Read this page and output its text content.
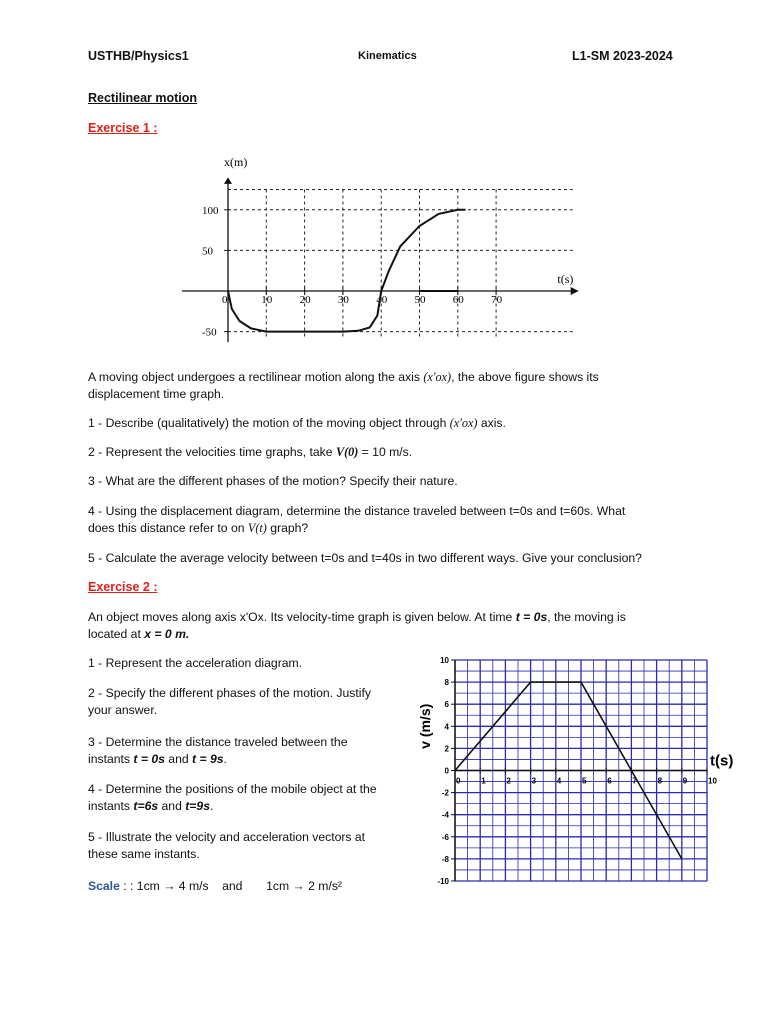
USTHB/Physics1	Kinematics	L1-SM 2023-2024
Rectilinear motion
Exercise 1 :
10 20 30 40 50 60 70
100
50
0
-50
x(m)
t(s)
A moving object undergoes a rectilinear motion along the axis (x′ox), the above figure shows its
displacement time graph.
1 - Describe (qualitatively) the motion of the moving object through (x′ox) axis.
2 - Represent the velocities time graphs, take V(0) = 10 m/s.
3 - What are the different phases of the motion? Specify their nature.
4 - Using the displacement diagram, determine the distance traveled between t=0s and t=60s. What
does this distance refer to on V(t) graph?
5 - Calculate the average velocity between t=0s and t=40s in two different ways. Give your conclusion?
Exercise 2 :
An object moves along axis x'Ox. Its velocity-time graph is given below. At time t = 0s, the moving is
located at x = 0 m.
1 - Represent the acceleration diagram.
2 - Specify the different phases of the motion. Justify
your answer.
3 - Determine the distance traveled between the
instants t = 0s and t = 9s.
4 - Determine the positions of the mobile object at the
instants t=6s and t=9s.
5 - Illustrate the velocity and acceleration vectors at
these same instants.
Scale : : 1cm → 4 m/s    and       1cm → 2 m/s²
10
8
6
4
2
0
-2
-4
-6
-8
-10
0	1	2	3	4	5	6	7	8	9	10
v (m/s)
t(s)
